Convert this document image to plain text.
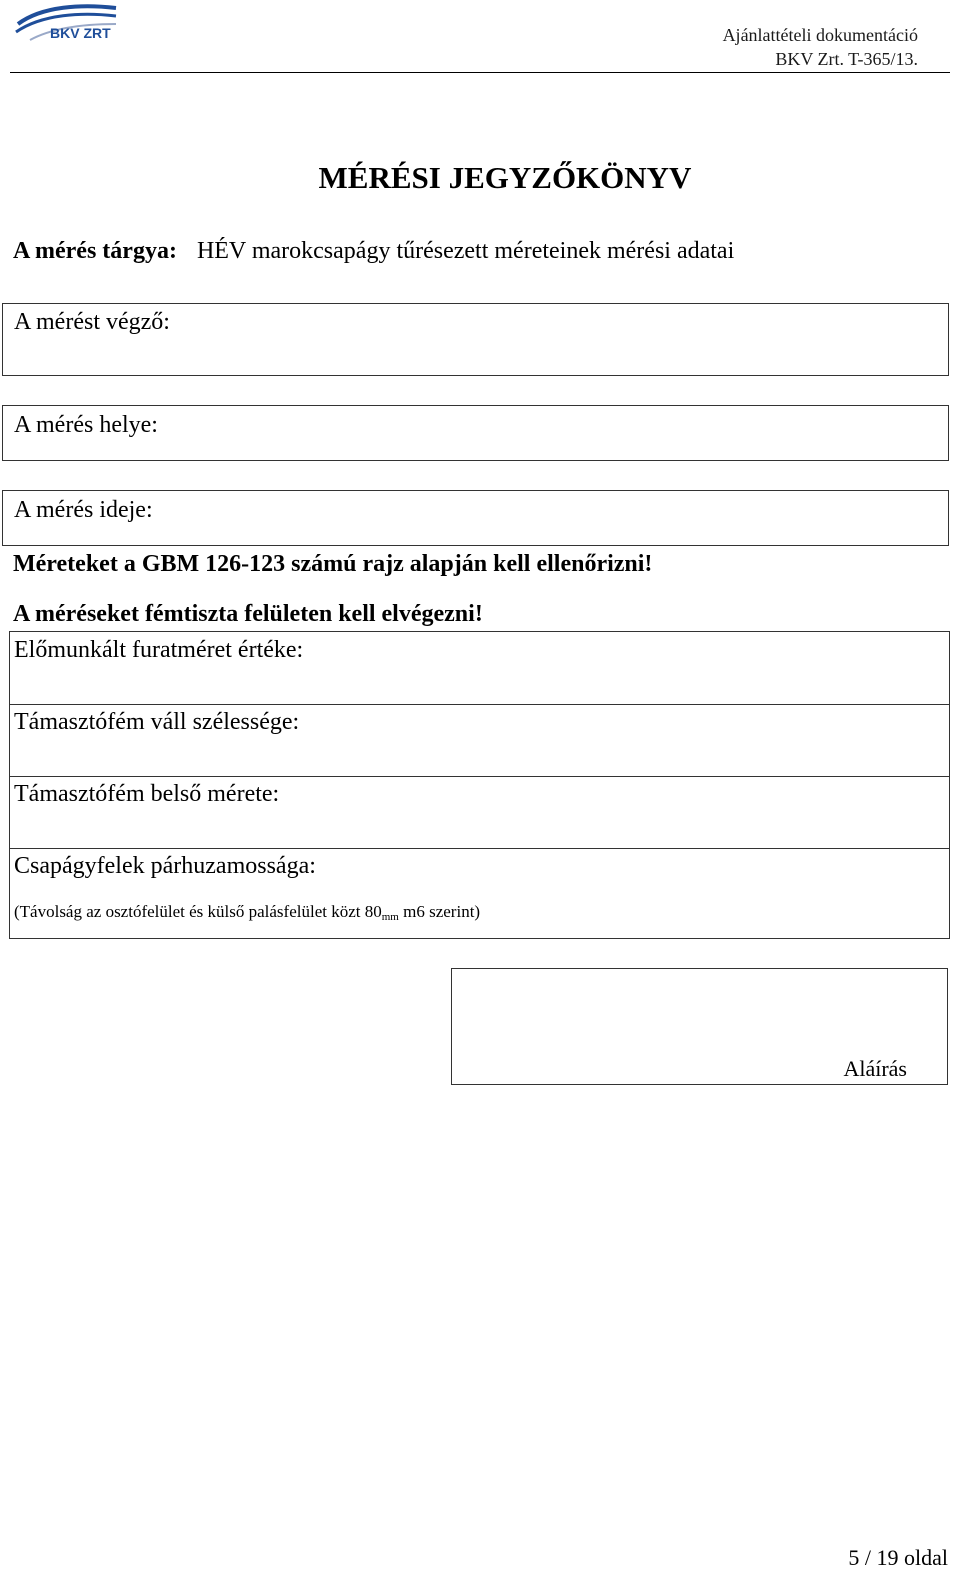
BKV ZRT	Ajánlattételi dokumentáció
BKV Zrt. T-365/13.
MÉRÉSI JEGYZŐKÖNYV
A mérés tárgya: HÉV marokcsapágy tűrésezett méreteinek mérési adatai
A mérést végző:
A mérés helye:
A mérés ideje:
Méreteket a GBM 126-123 számú rajz alapján kell ellenőrizni!
A méréseket fémtiszta felületen kell elvégezni!
Előmunkált furatméret értéke:
Támasztófém váll szélessége:
Támasztófém belső mérete:
Csapágyfelek párhuzamossága:
(Távolság az osztófelület és külső palásfelület közt $80_{mm}$ m6 szerint)
Aláírás
5 / 19 oldal
